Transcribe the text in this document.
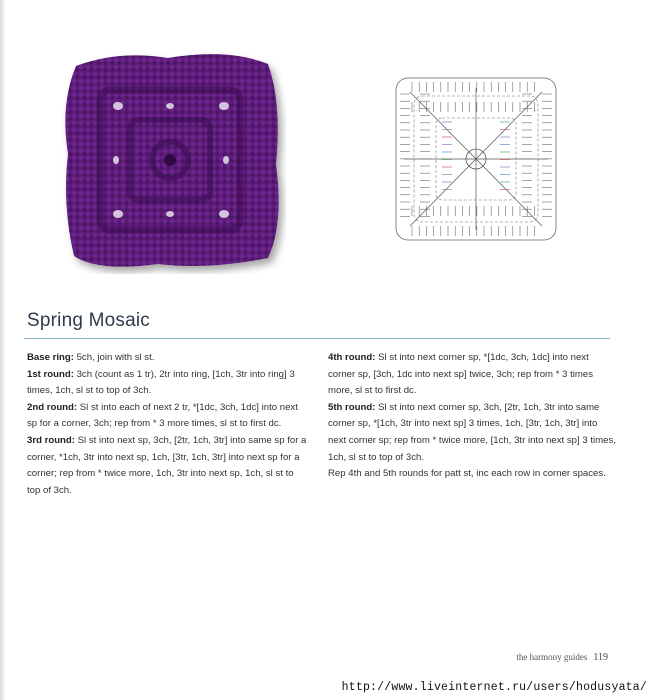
Spring Mosaic

Base ring: 5ch, join with sl st.

1st round: 3ch (count as 1 tr), 2tr into ring, [1ch, 3tr into ring] 3 times, 1ch, sl st to top of 3ch.

2nd round: Sl st into each of next 2 tr, *[1dc, 3ch, 1dc] into next sp for a corner, 3ch; rep from * 3 more times, sl st to first dc.

3rd round: Sl st into next sp, 3ch, [2tr, 1ch, 3tr] into same sp for a corner, *1ch, 3tr into next sp, 1ch, [3tr, 1ch, 3tr] into next sp for a corner; rep from * twice more, 1ch, 3tr into next sp, 1ch, sl st to top of 3ch.

4th round: Sl st into next corner sp, *[1dc, 3ch, 1dc] into next corner sp, [3ch, 1dc into next sp] twice, 3ch; rep from * 3 times more, sl st to first dc.

5th round: Sl st into next corner sp, 3ch, [2tr, 1ch, 3tr into same corner sp, *[1ch, 3tr into next sp] 3 times, 1ch, [3tr, 1ch, 3tr] into next corner sp; rep from * twice more, [1ch, 3tr into next sp] 3 times, 1ch, sl st to top of 3ch.

Rep 4th and 5th rounds for patt st, inc each row in corner spaces.

the harmony guides 119
http://www.liveinternet.ru/users/hodusyata/
